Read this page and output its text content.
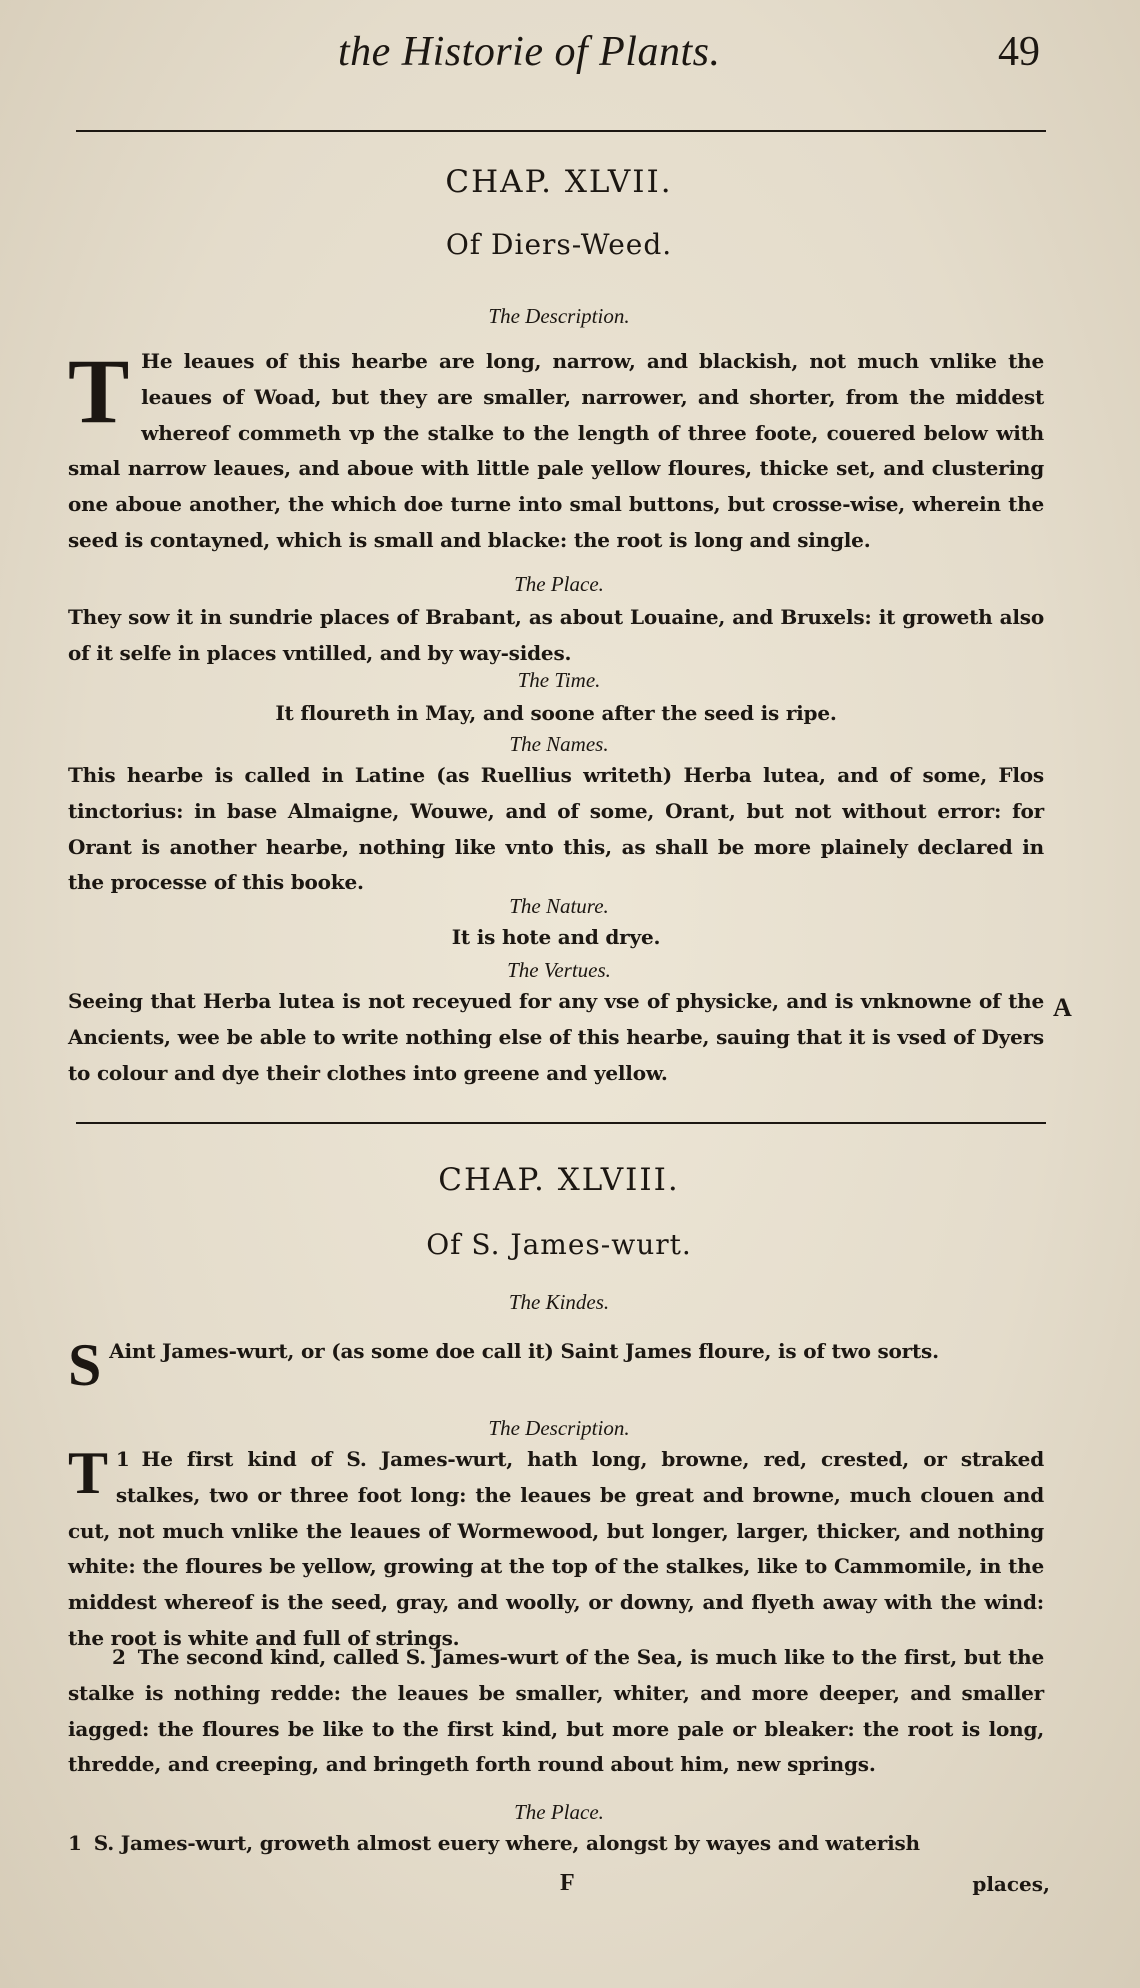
the Historie of Plants.	49
CHAP. XLVII.
Of Diers-Weed.
The Description.
T He leaues of this hearbe are long, narrow, and blackish, not much vnlike the leaues of Woad, but they are smaller, narrower, and shorter, from the middest whereof commeth vp the stalke to the length of three foote, couered below with smal narrow leaues, and aboue with little pale yellow floures, thicke set, and clustering one aboue another, the which doe turne into smal buttons, but crosse-wise, wherein the seed is contayned, which is small and blacke: the root is long and single.
The Place.
They sow it in sundrie places of Brabant, as about Louaine, and Bruxels: it groweth also of it selfe in places vntilled, and by way-sides.
The Time.
It floureth in May, and soone after the seed is ripe.
The Names.
This hearbe is called in Latine (as Ruellius writeth) Herba lutea, and of some, Flos tinctorius: in base Almaigne, Wouwe, and of some, Orant, but not without error: for Orant is another hearbe, nothing like vnto this, as shall be more plainely declared in the processe of this booke.
The Nature.
It is hote and drye.
The Vertues.
Seeing that Herba lutea is not receyued for any vse of physicke, and is vnknowne of the Ancients, wee be able to write nothing else of this hearbe, sauing that it is vsed of Dyers to colour and dye their clothes into greene and yellow.
CHAP. XLVIII.
Of S. James-wurt.
The Kindes.
S Aint James-wurt, or (as some doe call it) Saint James floure, is of two sorts.
The Description.
1
T He first kind of S. James-wurt, hath long, browne, red, crested, or straked stalkes, two or three foot long: the leaues be great and browne, much clouen and cut, not much vnlike the leaues of Wormewood, but longer, larger, thicker, and nothing white: the floures be yellow, growing at the top of the stalkes, like to Cammomile, in the middest whereof is the seed, gray, and woolly, or downy, and flyeth away with the wind: the root is white and full of strings.
2 The second kind, called S. James-wurt of the Sea, is much like to the first, but the stalke is nothing redde: the leaues be smaller, whiter, and more deeper, and smaller iagged: the floures be like to the first kind, but more pale or bleaker: the root is long, thredde, and creeping, and bringeth forth round about him, new springs.
The Place.
1 S. James-wurt, groweth almost euery where, alongst by wayes and waterish
F	places,
A
